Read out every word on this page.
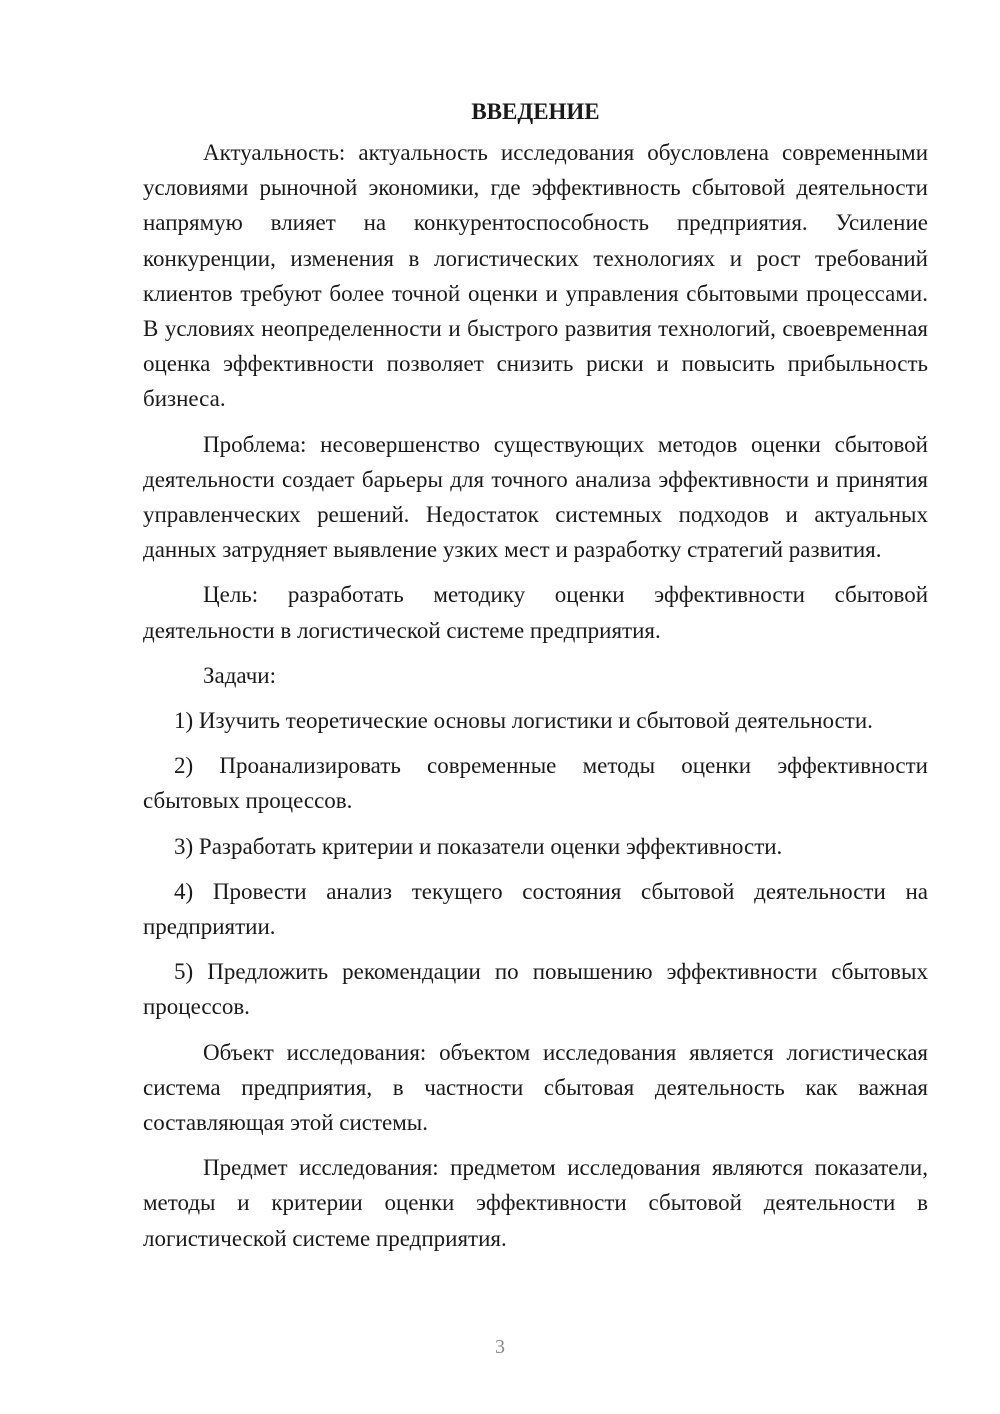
ВВЕДЕНИЕ

Актуальность: актуальность исследования обусловлена современными условиями рыночной экономики, где эффективность сбытовой деятельности напрямую влияет на конкурентоспособность предприятия. Усиление конкуренции, изменения в логистических технологиях и рост требований клиентов требуют более точной оценки и управления сбытовыми процессами. В условиях неопределенности и быстрого развития технологий, своевременная оценка эффективности позволяет снизить риски и повысить прибыльность бизнеса.

Проблема: несовершенство существующих методов оценки сбытовой деятельности создает барьеры для точного анализа эффективности и принятия управленческих решений. Недостаток системных подходов и актуальных данных затрудняет выявление узких мест и разработку стратегий развития.

Цель: разработать методику оценки эффективности сбытовой деятельности в логистической системе предприятия.

Задачи:

1) Изучить теоретические основы логистики и сбытовой деятельности.

2) Проанализировать современные методы оценки эффективности сбытовых процессов.

3) Разработать критерии и показатели оценки эффективности.

4) Провести анализ текущего состояния сбытовой деятельности на предприятии.

5) Предложить рекомендации по повышению эффективности сбытовых процессов.

Объект исследования: объектом исследования является логистическая система предприятия, в частности сбытовая деятельность как важная составляющая этой системы.

Предмет исследования: предметом исследования являются показатели, методы и критерии оценки эффективности сбытовой деятельности в логистической системе предприятия.

3
